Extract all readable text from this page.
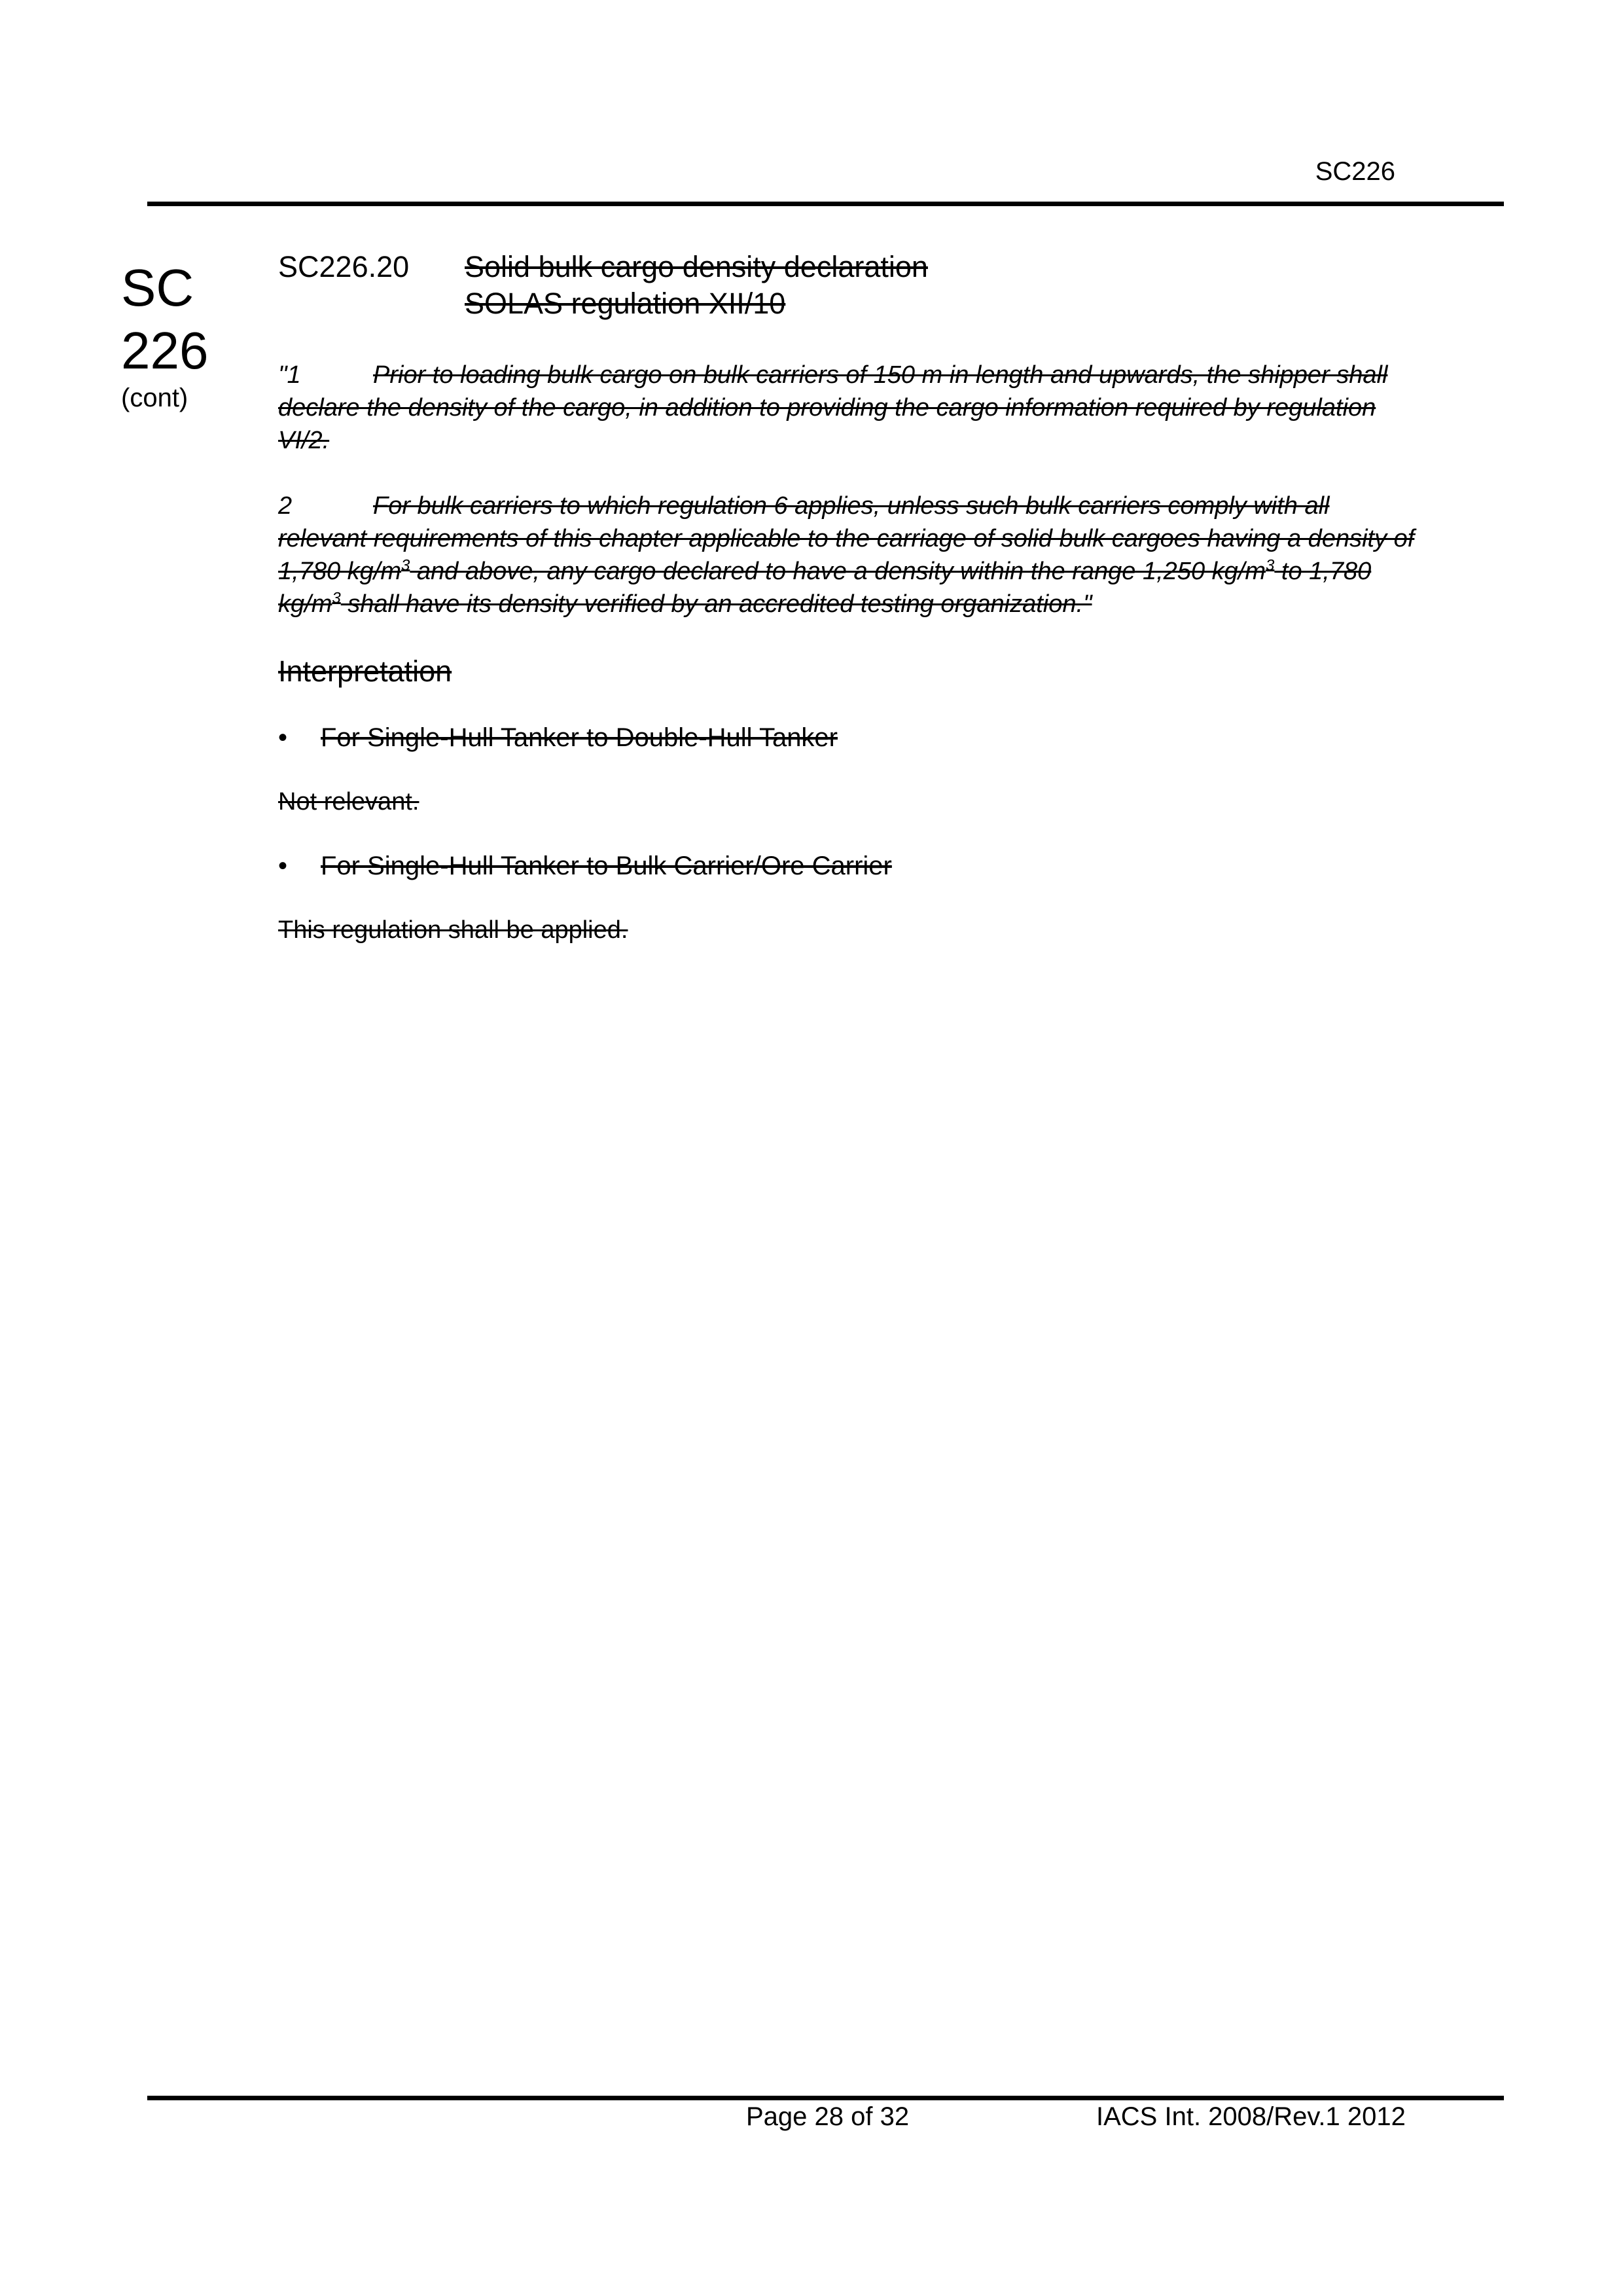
SC226
SC
226
(cont)
SC226.20 Solid bulk cargo density declaration
SOLAS regulation XII/10

"1	Prior to loading bulk cargo on bulk carriers of 150 m in length and upwards, the shipper shall declare the density of the cargo, in addition to providing the cargo information required by regulation VI/2.

2	For bulk carriers to which regulation 6 applies, unless such bulk carriers comply with all relevant requirements of this chapter applicable to the carriage of solid bulk cargoes having a density of 1,780 $kg/m^3$ and above, any cargo declared to have a density within the range 1,250 $kg/m^3$ to 1,780 $kg/m^3$ shall have its density verified by an accredited testing organization."

Interpretation

• For Single-Hull Tanker to Double-Hull Tanker

Not relevant.

• For Single-Hull Tanker to Bulk Carrier/Ore Carrier

This regulation shall be applied.

Page 28 of 32	IACS Int. 2008/Rev.1 2012
